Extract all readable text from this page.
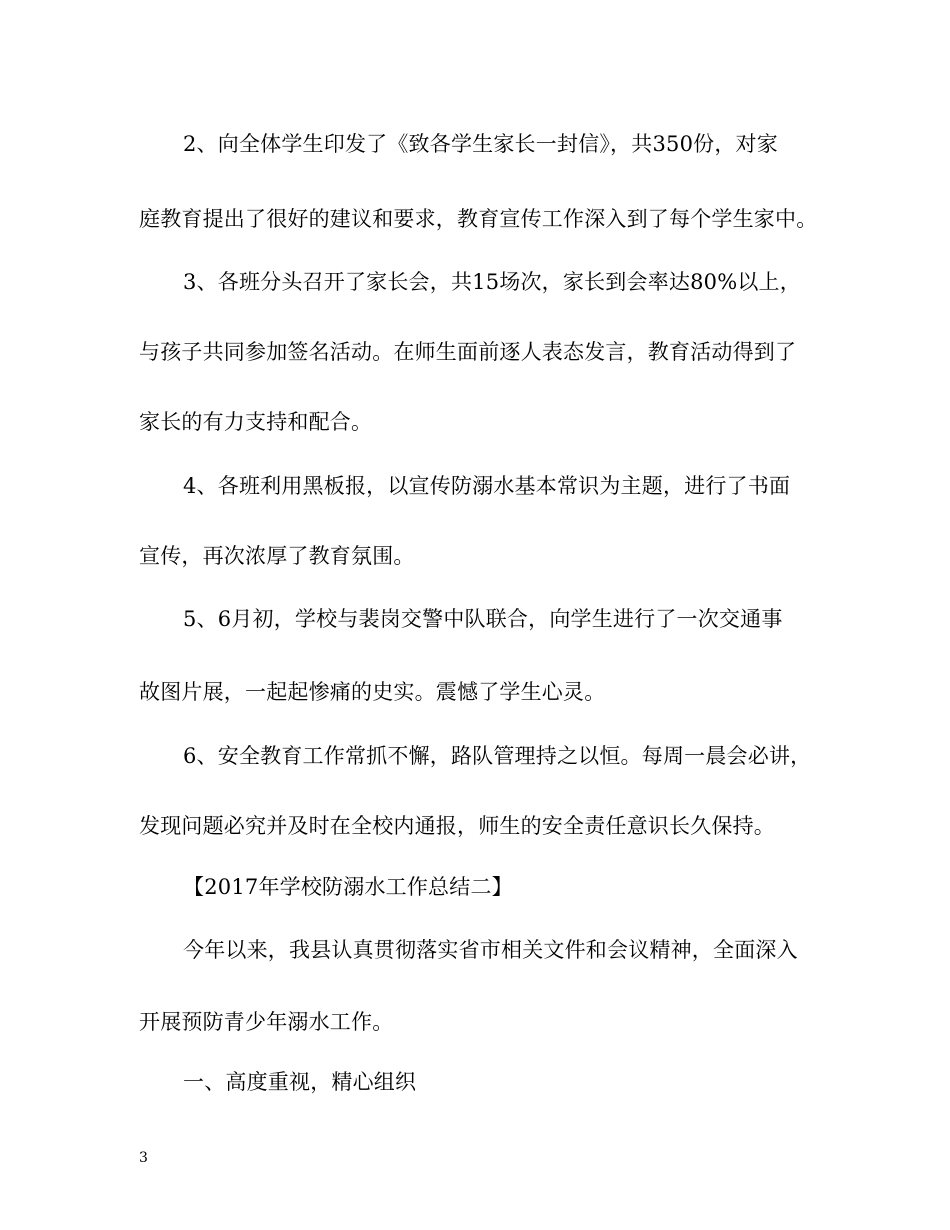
2、向全体学生印发了《致各学生家长一封信》，共350份，对家
庭教育提出了很好的建议和要求，教育宣传工作深入到了每个学生家中。
3、各班分头召开了家长会，共15场次，家长到会率达80%以上，
与孩子共同参加签名活动。在师生面前逐人表态发言，教育活动得到了
家长的有力支持和配合。
4、各班利用黑板报，以宣传防溺水基本常识为主题，进行了书面
宣传，再次浓厚了教育氛围。
5、6月初，学校与裴岗交警中队联合，向学生进行了一次交通事
故图片展，一起起惨痛的史实。震憾了学生心灵。
6、安全教育工作常抓不懈，路队管理持之以恒。每周一晨会必讲，
发现问题必究并及时在全校内通报，师生的安全责任意识长久保持。
【2017年学校防溺水工作总结二】
今年以来，我县认真贯彻落实省市相关文件和会议精神，全面深入
开展预防青少年溺水工作。
一、高度重视，精心组织
3
